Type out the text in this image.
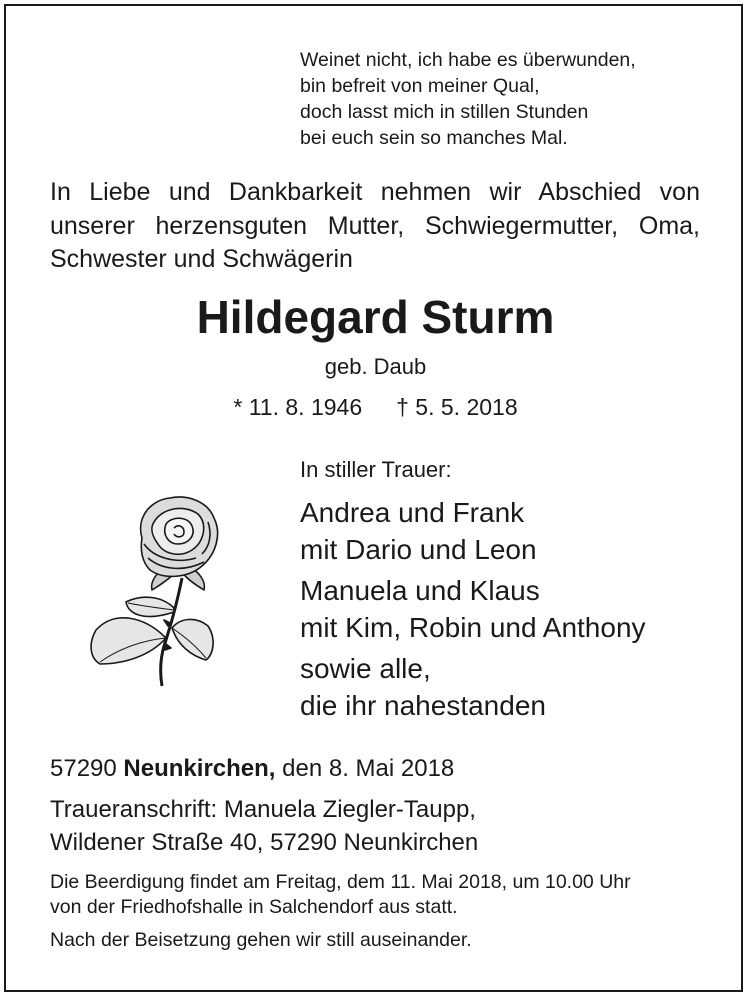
Weinet nicht, ich habe es überwunden,
bin befreit von meiner Qual,
doch lasst mich in stillen Stunden
bei euch sein so manches Mal.
In Liebe und Dankbarkeit nehmen wir Abschied von
unserer herzensguten Mutter, Schwiegermutter, Oma,
Schwester und Schwägerin
Hildegard Sturm
geb. Daub
* 11. 8. 1946 † 5. 5. 2018
In stiller Trauer:
Andrea und Frank
mit Dario und Leon
Manuela und Klaus
mit Kim, Robin und Anthony
sowie alle,
die ihr nahestanden
57290 Neunkirchen, den 8. Mai 2018
Traueranschrift: Manuela Ziegler-Taupp,
Wildener Straße 40, 57290 Neunkirchen
Die Beerdigung findet am Freitag, dem 11. Mai 2018, um 10.00 Uhr
von der Friedhofshalle in Salchendorf aus statt.
Nach der Beisetzung gehen wir still auseinander.
